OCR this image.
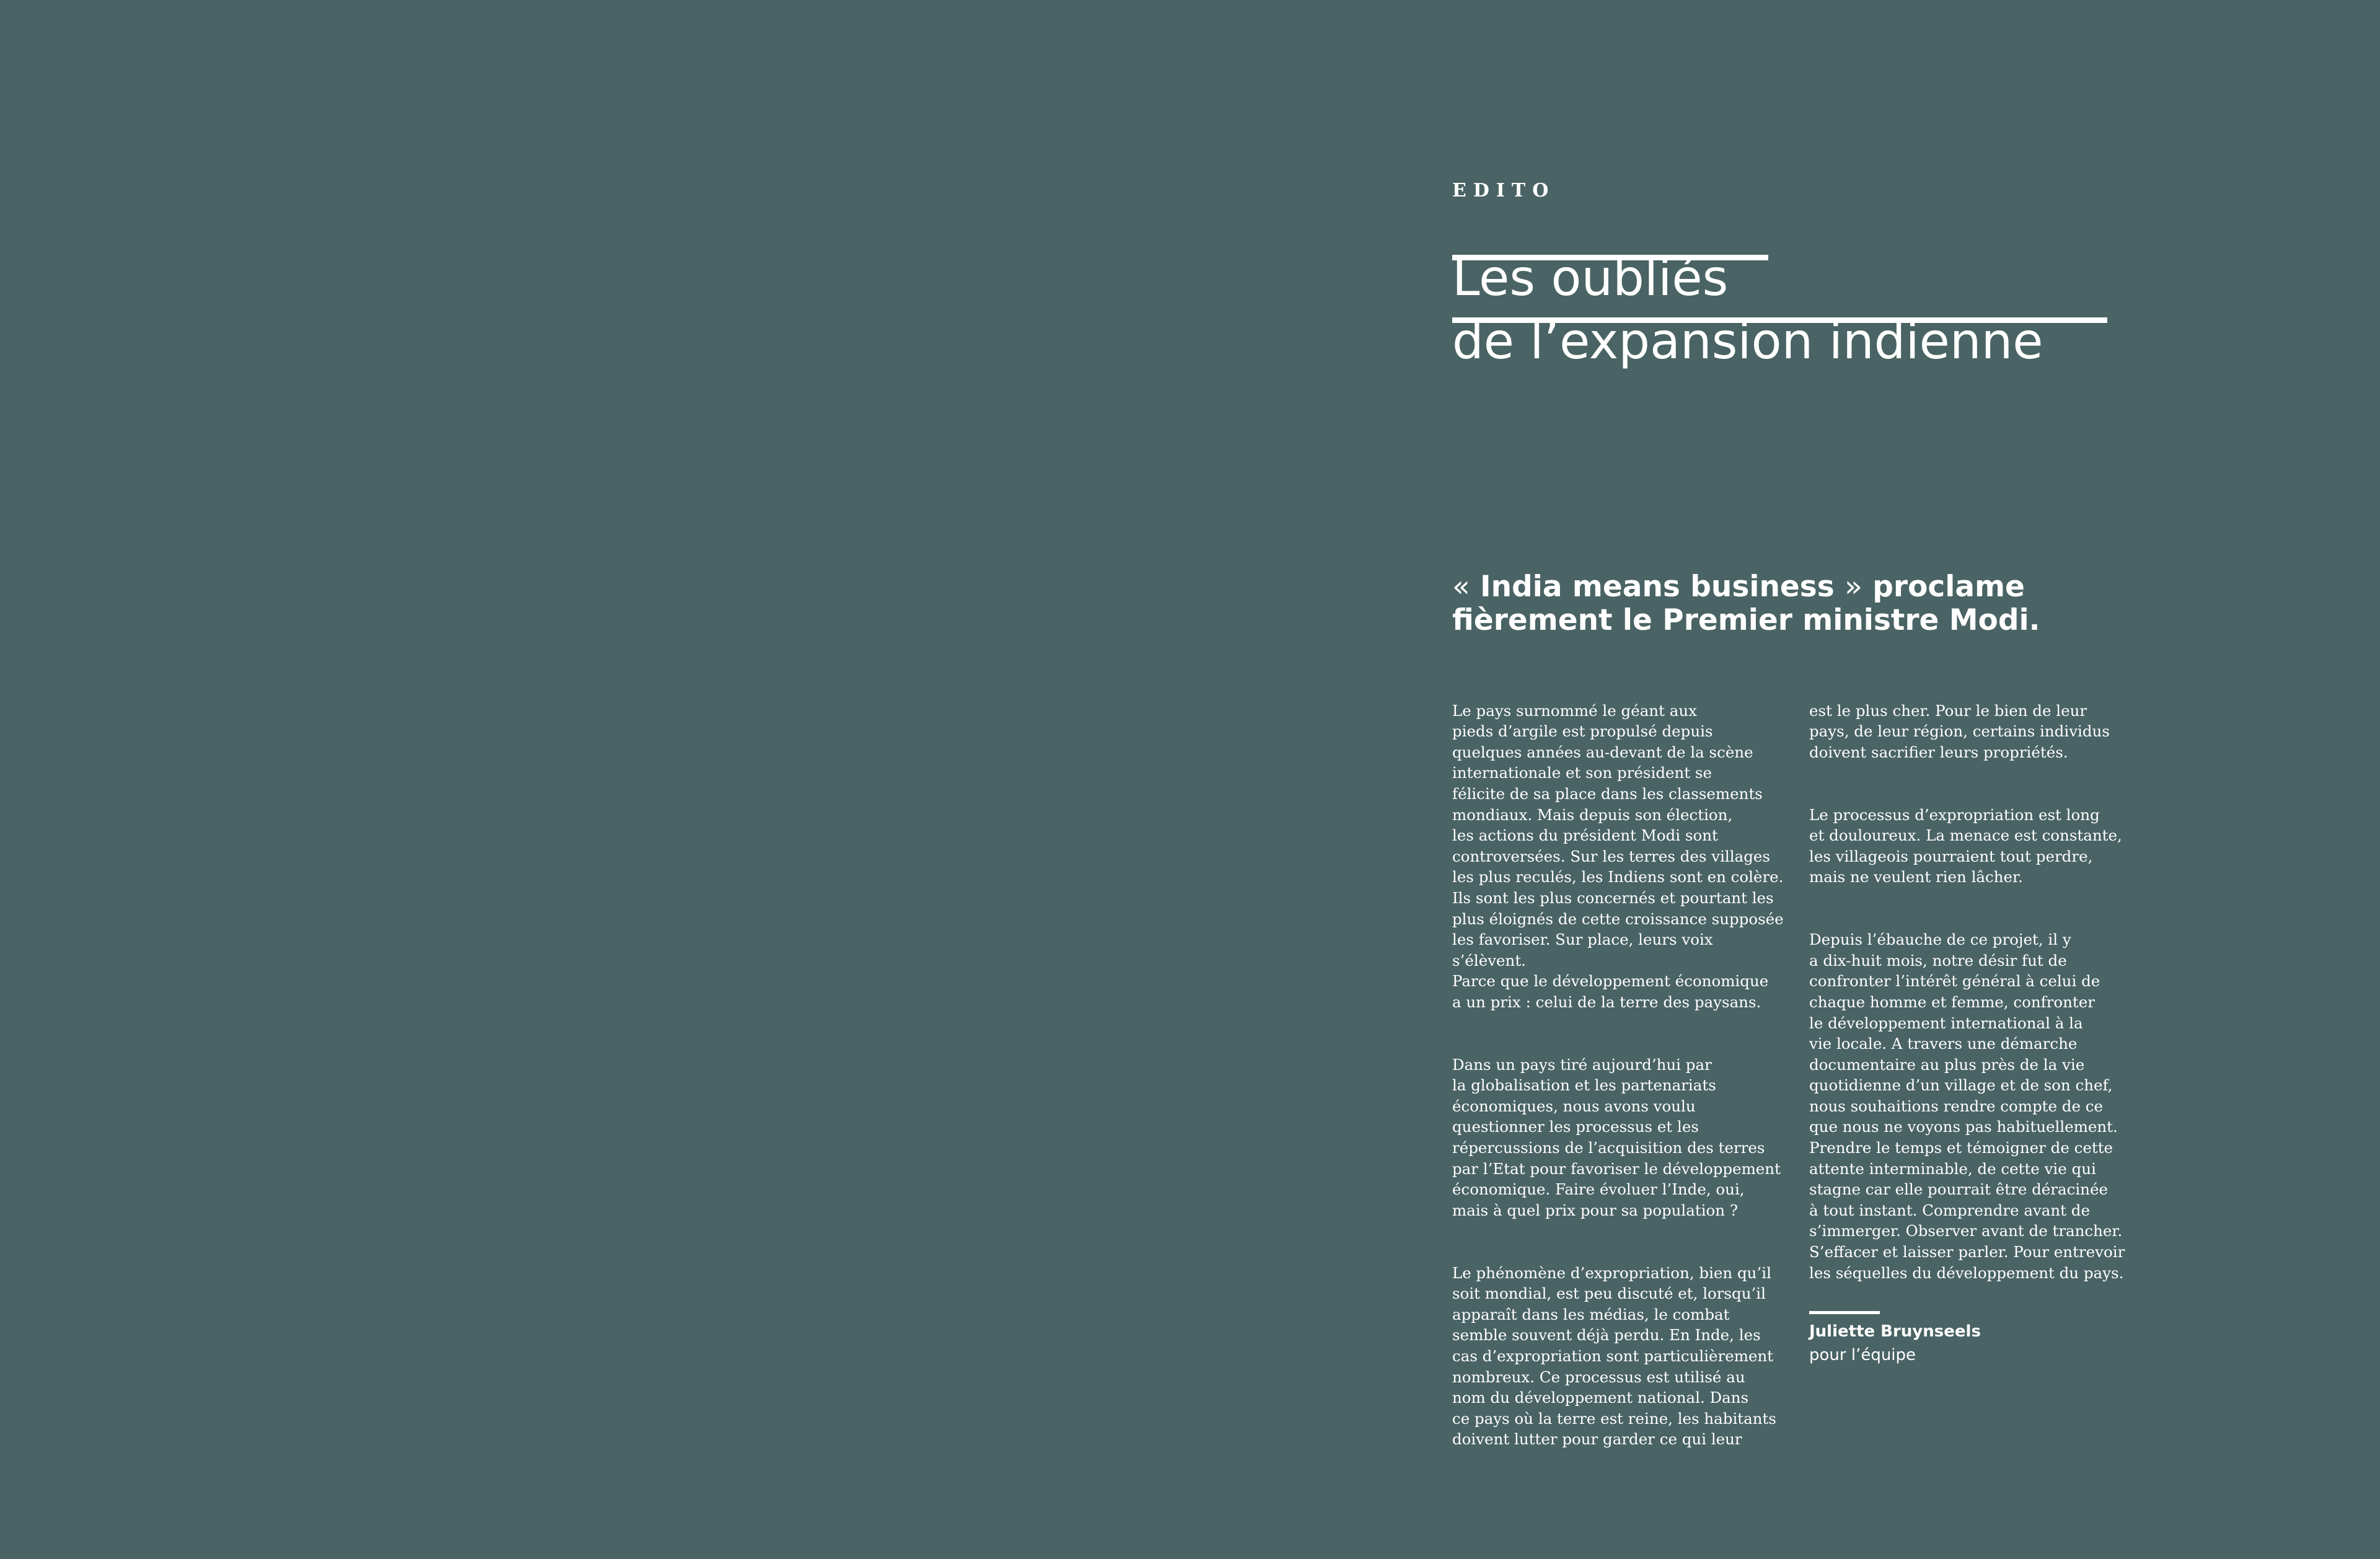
EDITO
Les oubliés
de l’expansion indienne

« India means business » proclame
fièrement le Premier ministre Modi.

Le pays surnommé le géant aux
pieds d’argile est propulsé depuis
quelques années au-devant de la scène
internationale et son président se
félicite de sa place dans les classements
mondiaux. Mais depuis son élection,
les actions du président Modi sont
controversées. Sur les terres des villages
les plus reculés, les Indiens sont en colère.
Ils sont les plus concernés et pourtant les
plus éloignés de cette croissance supposée
les favoriser. Sur place, leurs voix s’élèvent.
Parce que le développement économique
a un prix : celui de la terre des paysans.

Dans un pays tiré aujourd’hui par
la globalisation et les partenariats
économiques, nous avons voulu
questionner les processus et les
répercussions de l’acquisition des terres
par l’Etat pour favoriser le développement
économique. Faire évoluer l’Inde, oui,
mais à quel prix pour sa population ?

Le phénomène d’expropriation, bien qu’il
soit mondial, est peu discuté et, lorsqu’il
apparaît dans les médias, le combat
semble souvent déjà perdu. En Inde, les
cas d’expropriation sont particulièrement
nombreux. Ce processus est utilisé au
nom du développement national. Dans
ce pays où la terre est reine, les habitants
doivent lutter pour garder ce qui leur

est le plus cher. Pour le bien de leur
pays, de leur région, certains individus
doivent sacrifier leurs propriétés.

Le processus d’expropriation est long
et douloureux. La menace est constante,
les villageois pourraient tout perdre,
mais ne veulent rien lâcher.

Depuis l’ébauche de ce projet, il y
a dix-huit mois, notre désir fut de
confronter l’intérêt général à celui de
chaque homme et femme, confronter
le développement international à la
vie locale. A travers une démarche
documentaire au plus près de la vie
quotidienne d’un village et de son chef,
nous souhaitions rendre compte de ce
que nous ne voyons pas habituellement.
Prendre le temps et témoigner de cette
attente interminable, de cette vie qui
stagne car elle pourrait être déracinée
à tout instant. Comprendre avant de
s’immerger. Observer avant de trancher.
S’effacer et laisser parler. Pour entrevoir
les séquelles du développement du pays.

Juliette Bruynseels
pour l’équipe
